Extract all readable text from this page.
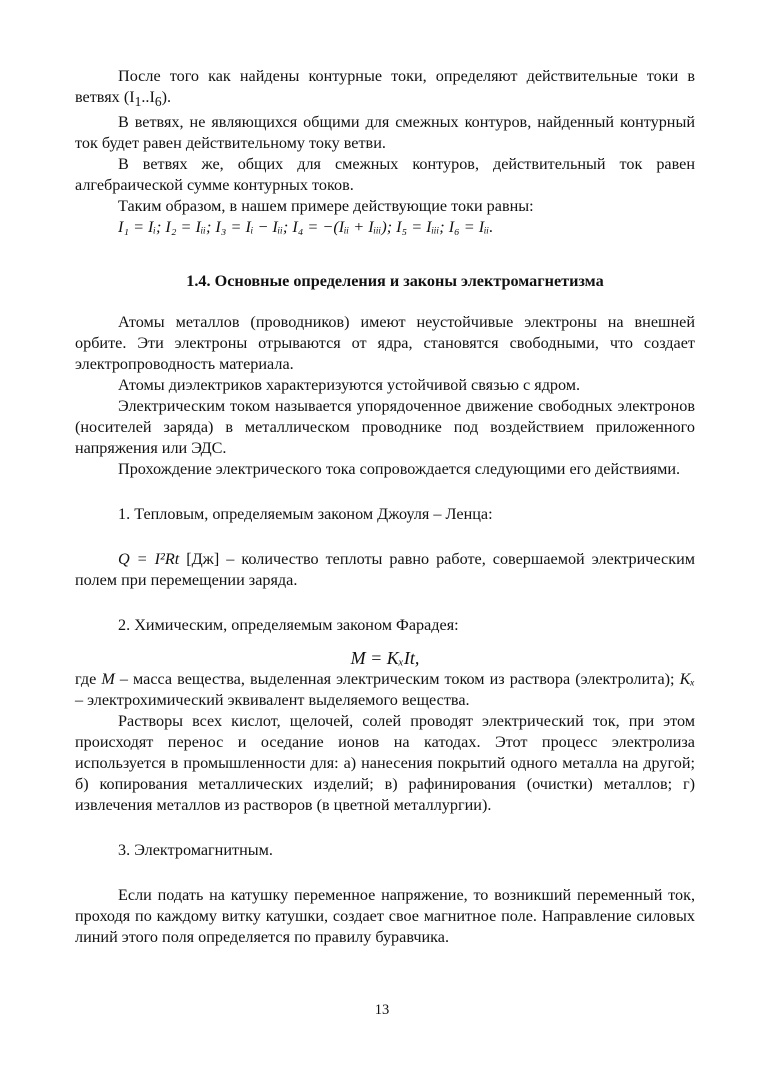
После того как найдены контурные токи, определяют действительные токи в ветвях $(I_1..I_6)$.

В ветвях, не являющихся общими для смежных контуров, найденный контурный ток будет равен действительному току ветви.

В ветвях же, общих для смежных контуров, действительный ток равен алгебраической сумме контурных токов.

Таким образом, в нашем примере действующие токи равны:

I₁ = Iᵢ; I₂ = Iᵢᵢ; I₃ = Iᵢ − Iᵢᵢ; I₄ = −(Iᵢᵢ + Iᵢᵢᵢ); I₅ = Iᵢᵢᵢ; I₆ = Iᵢᵢ.

1.4. Основные определения и законы электромагнетизма

Атомы металлов (проводников) имеют неустойчивые электроны на внешней орбите. Эти электроны отрываются от ядра, становятся свободными, что создает электропроводность материала.

Атомы диэлектриков характеризуются устойчивой связью с ядром.

Электрическим током называется упорядоченное движение свободных электронов (носителей заряда) в металлическом проводнике под воздействием приложенного напряжения или ЭДС.

Прохождение электрического тока сопровождается следующими его действиями.

1. Тепловым, определяемым законом Джоуля – Ленца:

Q = I²Rt [Дж] – количество теплоты равно работе, совершаемой электрическим полем при перемещении заряда.

2. Химическим, определяемым законом Фарадея:

M = KₓIt,

где M – масса вещества, выделенная электрическим током из раствора (электролита); Kₓ – электрохимический эквивалент выделяемого вещества.

Растворы всех кислот, щелочей, солей проводят электрический ток, при этом происходят перенос и оседание ионов на катодах. Этот процесс электролиза используется в промышленности для: а) нанесения покрытий одного металла на другой; б) копирования металлических изделий; в) рафинирования (очистки) металлов; г) извлечения металлов из растворов (в цветной металлургии).

3. Электромагнитным.

Если подать на катушку переменное напряжение, то возникший переменный ток, проходя по каждому витку катушки, создает свое магнитное поле. Направление силовых линий этого поля определяется по правилу буравчика.

13
